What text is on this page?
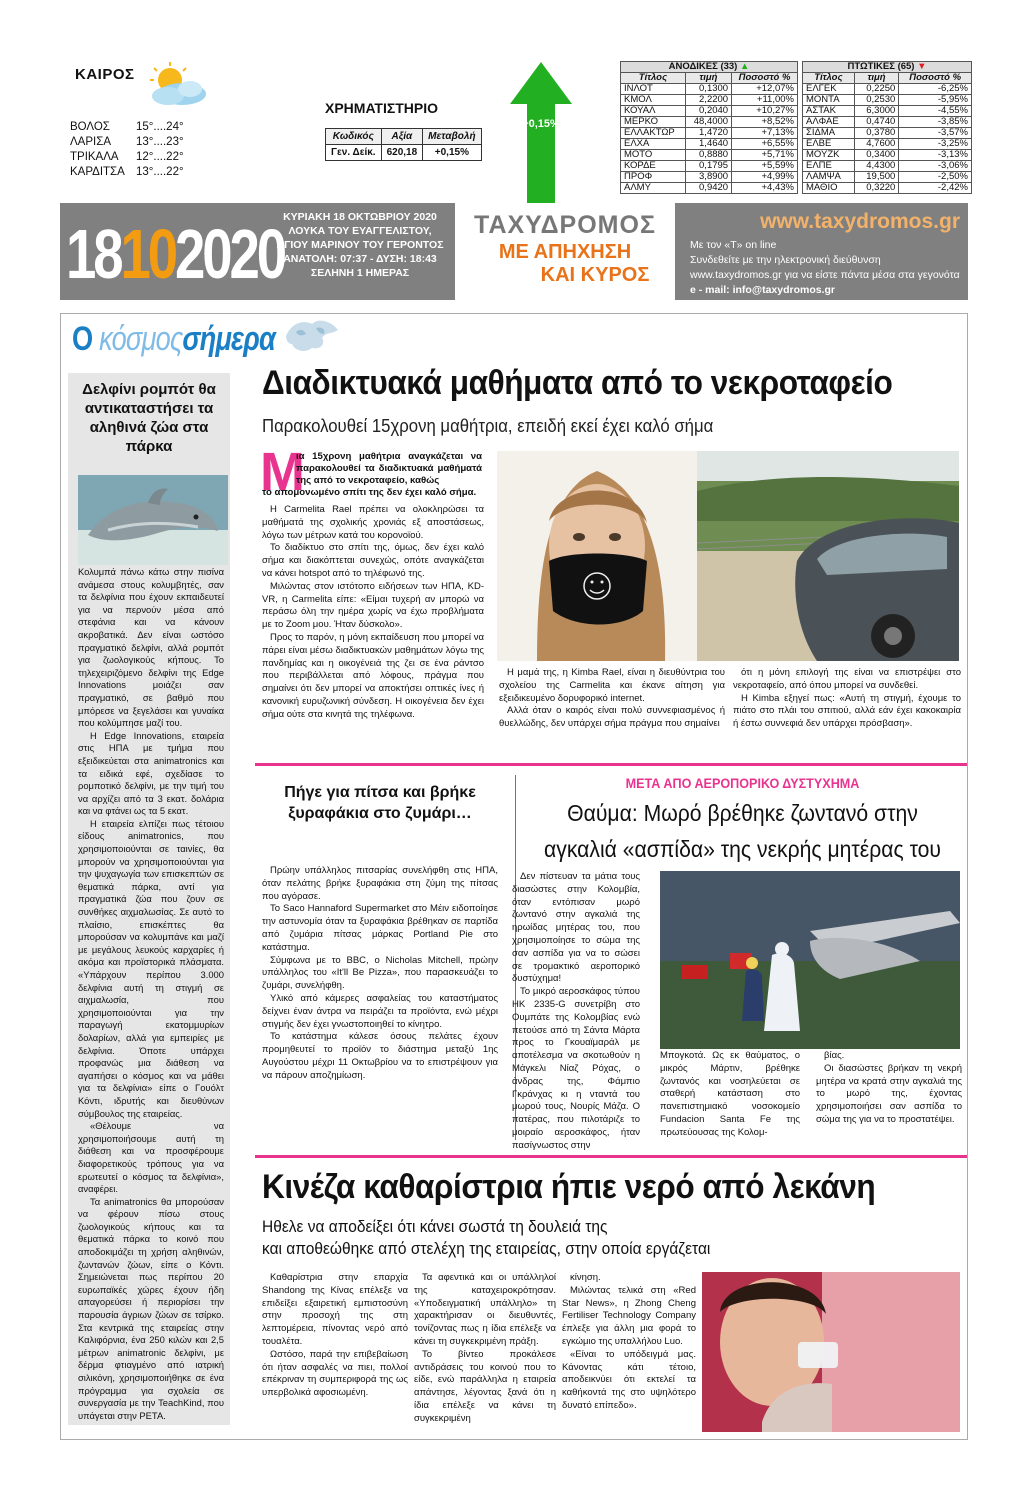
ΚΑΙΡΟΣ
ΒΟΛΟΣ	15°....24°
ΛΑΡΙΣΑ	13°....23°
ΤΡΙΚΑΛΑ	12°....22°
ΚΑΡΔΙΤΣΑ 13°....22°
ΧΡΗΜΑΤΙΣΤΗΡΙΟ
Κωδικός	Αξία	Μεταβολή
Γεν. Δείκ.	620,18	+0,15%
+0,15%
ΑΝΟΔΙΚΕΣ (33) ▲		
Τίτλος	τιμή	Ποσοστό %
ΙΝΛΟΤ	0,1300	+12,07%
ΚΜΟΛ	2,2200	+11,00%
ΚΟΥΑΛ	0,2040	+10,27%
ΜΕΡΚΟ	48,4000	+8,52%
ΕΛΛΑΚΤΩΡ	1,4720	+7,13%
ΕΛΧΑ	1,4640	+6,55%
ΜΟΤΟ	0,8880	+5,71%
ΚΟΡΔΕ	0,1795	+5,59%
ΠΡΟΦ	3,8900	+4,99%
ΑΛΜΥ	0,9420	+4,43%
ΠΤΩΤΙΚΕΣ (65) ▼		
Τίτλος	τιμή	Ποσοστό %
ΕΛΓΕΚ	0,2250	-6,25%
ΜΟΝΤΑ	0,2530	-5,95%
ΑΣΤΑΚ	6,3000	-4,55%
ΑΛΦΑΕ	0,4740	-3,85%
ΣΙΔΜΑ	0,3780	-3,57%
ΕΛΒΕ	4,7600	-3,25%
ΜΟΥΖΚ	0,3400	-3,13%
ΕΛΠΕ	4,4300	-3,06%
ΛΑΜΨΑ	19,500	-2,50%
ΜΑΘΙΟ	0,3220	-2,42%
18102020 ΚΥΡΙΑΚΗ 18 ΟΚΤΩΒΡΙΟΥ 2020
ΛΟΥΚΑ ΤΟΥ ΕΥΑΓΓΕΛΙΣΤΟΥ,
ΑΓΙΟΥ ΜΑΡΙΝΟΥ ΤΟΥ ΓΕΡΟΝΤΟΣ
ΑΝΑΤΟΛΗ: 07:37 - ΔΥΣΗ: 18:43
ΣΕΛΗΝΗ 1 ΗΜΕΡΑΣ
ΤΑΧΥΔΡΟΜΟΣ
ΜΕ ΑΠΗΧΗΣΗ
ΚΑΙ ΚΥΡΟΣ
www.taxydromos.gr
Με τον «Τ» on line
Συνδεθείτε με την ηλεκτρονική διεύθυνση
www.taxydromos.gr για να είστε πάντα μέσα στα γεγονότα
e - mail: info@taxydromos.gr
Ο κόσμοςσήμερα
Δελφίνι ρομπότ θα αντικαταστήσει τα αληθινά ζώα στα πάρκα

Κολυμπά πάνω κάτω στην πισίνα ανάμεσα στους κολυμβητές, σαν τα δελφίνια που έχουν εκπαιδευτεί για να περνούν μέσα από στεφάνια και να κάνουν ακροβατικά. Δεν είναι ωστόσο πραγματικό δελφίνι, αλλά ρομπότ για ζωολογικούς κήπους. Το τηλεχειριζόμενο δελφίνι της Edge Innovations μοιάζει σαν πραγματικό, σε βαθμό που μπόρεσε να ξεγελάσει και γυναίκα που κολύμπησε μαζί του.

Η Edge Innovations, εταιρεία στις ΗΠΑ με τμήμα που εξειδικεύεται στα animatronics και τα ειδικά εφέ, σχεδίασε το ρομποτικό δελφίνι, με την τιμή του να αρχίζει από τα 3 εκατ. δολάρια και να φτάνει ως τα 5 εκατ.

Η εταιρεία ελπίζει πως τέτοιου είδους animatronics, που χρησιμοποιούνται σε ταινίες, θα μπορούν να χρησιμοποιούνται για την ψυχαγωγία των επισκεπτών σε θεματικά πάρκα, αντί για πραγματικά ζώα που ζουν σε συνθήκες αιχμαλωσίας. Σε αυτό το πλαίσιο, επισκέπτες θα μπορούσαν να κολυμπάνε και μαζί με μεγάλους λευκούς καρχαρίες ή ακόμα και προϊστορικά πλάσματα. «Υπάρχουν περίπου 3.000 δελφίνια αυτή τη στιγμή σε αιχμαλωσία, που χρησιμοποιούνται για την παραγωγή εκατομμυρίων δολαρίων, αλλά για εμπειρίες με δελφίνια. Όποτε υπάρχει προφανώς μια διάθεση να αγαπήσει ο κόσμος και να μάθει για τα δελφίνια» είπε ο Γουόλτ Κόντι, ιδρυτής και διευθύνων σύμβουλος της εταιρείας.

«Θέλουμε να χρησιμοποιήσουμε αυτή τη διάθεση και να προσφέρουμε διαφορετικούς τρόπους για να ερωτευτεί ο κόσμος τα δελφίνια», αναφέρει.

Τα animatronics θα μπορούσαν να φέρουν πίσω στους ζωολογικούς κήπους και τα θεματικά πάρκα το κοινό που αποδοκιμάζει τη χρήση αληθινών, ζωντανών ζώων, είπε ο Κόντι. Σημειώνεται πως περίπου 20 ευρωπαϊκές χώρες έχουν ήδη απαγορεύσει ή περιορίσει την παρουσία άγριων ζώων σε τσίρκο. Στα κεντρικά της εταιρείας στην Καλιφόρνια, ένα 250 κιλών και 2,5 μέτρων animatronic δελφίνι, με δέρμα φτιαγμένο από ιατρική σιλικόνη, χρησιμοποιήθηκε σε ένα πρόγραμμα για σχολεία σε συνεργασία με την TeachKind, που υπάγεται στην PETA.

Διαδικτυακά μαθήματα από το νεκροταφείο
Παρακολουθεί 15χρονη μαθήτρια, επειδή εκεί έχει καλό σήμα
Μ
ια 15χρονη μαθήτρια αναγκάζεται να παρακολουθεί τα διαδικτυακά μαθήματά της από το νεκροταφείο, καθώς
το απομονωμένο σπίτι της δεν έχει καλό σήμα.

Η Carmelita Rael πρέπει να ολοκληρώσει τα μαθήματά της σχολικής χρονιάς εξ αποστάσεως, λόγω των μέτρων κατά του κορονοϊού.

Το διαδίκτυο στο σπίτι της, όμως, δεν έχει καλό σήμα και διακόπτεται συνεχώς, οπότε αναγκάζεται να κάνει hotspot από το τηλέφωνό της.

Μιλώντας στον ιστότοπο ειδήσεων των ΗΠΑ, KD-VR, η Carmelita είπε: «Είμαι τυχερή αν μπορώ να περάσω όλη την ημέρα χωρίς να έχω προβλήματα με το Zoom μου. Ήταν δύσκολο».

Προς το παρόν, η μόνη εκπαίδευση που μπορεί να πάρει είναι μέσω διαδικτυακών μαθημάτων λόγω της πανδημίας και η οικογένειά της ζει σε ένα ράντσο που περιβάλλεται από λόφους, πράγμα που σημαίνει ότι δεν μπορεί να αποκτήσει οπτικές ίνες ή κανονική ευρυζωνική σύνδεση. Η οικογένεια δεν έχει σήμα ούτε στα κινητά της τηλέφωνα.

Η μαμά της, η Kimba Rael, είναι η διευθύντρια του σχολείου της Carmelita και έκανε αίτηση για εξειδικευμένο δορυφορικό internet.

Αλλά όταν ο καιρός είναι πολύ συννεφιασμένος ή θυελλώδης, δεν υπάρχει σήμα πράγμα που σημαίνει

ότι η μόνη επιλογή της είναι να επιστρέψει στο νεκροταφείο, από όπου μπορεί να συνδεθεί.

Η Kimba εξηγεί πως: «Αυτή τη στιγμή, έχουμε το πιάτο στο πλάι του σπιτιού, αλλά εάν έχει κακοκαιρία ή έστω συννεφιά δεν υπάρχει πρόσβαση».

Πήγε για πίτσα και βρήκε ξυραφάκια στο ζυμάρι…

Πρώην υπάλληλος πιτσαρίας συνελήφθη στις ΗΠΑ, όταν πελάτης βρήκε ξυραφάκια στη ζύμη της πίτσας που αγόρασε.

Το Saco Hannaford Supermarket στο Μέιν ειδοποίησε την αστυνομία όταν τα ξυραφάκια βρέθηκαν σε παρτίδα από ζυμάρια πίτσας μάρκας Portland Pie στο κατάστημα.

Σύμφωνα με το BBC, ο Nicholas Mitchell, πρώην υπάλληλος του «It'll Be Pizza», που παρασκευάζει το ζυμάρι, συνελήφθη.

Υλικό από κάμερες ασφαλείας του καταστήματος δείχνει έναν άντρα να πειράζει τα προϊόντα, ενώ μέχρι στιγμής δεν έχει γνωστοποιηθεί το κίνητρο.

Το κατάστημα κάλεσε όσους πελάτες έχουν προμηθευτεί το προϊόν το διάστημα μεταξύ 1ης Αυγούστου μέχρι 11 Οκτωβρίου να το επιστρέψουν για να πάρουν αποζημίωση.

ΜΕΤΑ ΑΠΟ ΑΕΡΟΠΟΡΙΚΟ ΔΥΣΤΥΧΗΜΑ
Θαύμα: Μωρό βρέθηκε ζωντανό στην αγκαλιά «ασπίδα» της νεκρής μητέρας του

Δεν πίστευαν τα μάτια τους διασώστες στην Κολομβία, όταν εντόπισαν μωρό ζωντανό στην αγκαλιά της ηρωίδας μητέρας του, που χρησιμοποίησε το σώμα της σαν ασπίδα για να το σώσει σε τρομακτικό αεροπορικό δυστύχημα!

Το μικρό αεροσκάφος τύπου HK 2335-G συνετρίβη στο Ουμπάτε της Κολομβίας ενώ πετούσε από τη Σάντα Μάρτα προς το Γκουαϊμαράλ με αποτέλεσμα να σκοτωθούν η Μάγκελι Νίαζ Ρόχας, ο άνδρας της, Φάμπιο Γκράνχας κι η νταντά του μωρού τους, Νουρίς Μάζα. Ο πατέρας, που πιλοτάριζε το μοιραίο αεροσκάφος, ήταν πασίγνωστος στην

Μπογκοτά. Ως εκ θαύματος, ο μικρός Μάρτιν, βρέθηκε ζωντανός και νοσηλεύεται σε σταθερή κατάσταση στο πανεπιστημιακό νοσοκομείο Fundacion Santa Fe της πρωτεύουσας της Κολομ-

βίας.

Οι διασώστες βρήκαν τη νεκρή μητέρα να κρατά στην αγκαλιά της το μωρό της, έχοντας χρησιμοποιήσει σαν ασπίδα το σώμα της για να το προστατέψει.

Κινέζα καθαρίστρια ήπιε νερό από λεκάνη
Ηθελε να αποδείξει ότι κάνει σωστά τη δουλειά της
και αποθεώθηκε από στελέχη της εταιρείας, στην οποία εργάζεται

Καθαρίστρια στην επαρχία Shandong της Κίνας επέλεξε να επιδείξει εξαιρετική εμπιστοσύνη στην προσοχή της στη λεπτομέρεια, πίνοντας νερό από τουαλέτα.

Ωστόσο, παρά την επιβεβαίωση ότι ήταν ασφαλές να πιει, πολλοί επέκριναν τη συμπεριφορά της ως υπερβολικά αφοσιωμένη.

Τα αφεντικά και οι υπάλληλοί της καταχειροκρότησαν. «Υποδειγματική υπάλληλο» τη χαρακτήρισαν οι διευθυντές, τονίζοντας πως η ίδια επέλεξε να κάνει τη συγκεκριμένη πράξη.

Το βίντεο προκάλεσε αντιδράσεις του κοινού που το είδε, ενώ παράλληλα η εταιρεία απάντησε, λέγοντας ξανά ότι η ίδια επέλεξε να κάνει τη συγκεκριμένη

κίνηση.

Μιλώντας τελικά στη «Red Star News», η Zhong Cheng Fertiliser Technology Company έπλεξε για άλλη μια φορά το εγκώμιο της υπαλλήλου Luo.

«Είναι το υπόδειγμά μας. Κάνοντας κάτι τέτοιο, αποδεικνύει ότι εκτελεί τα καθήκοντά της στο υψηλότερο δυνατό επίπεδο».
